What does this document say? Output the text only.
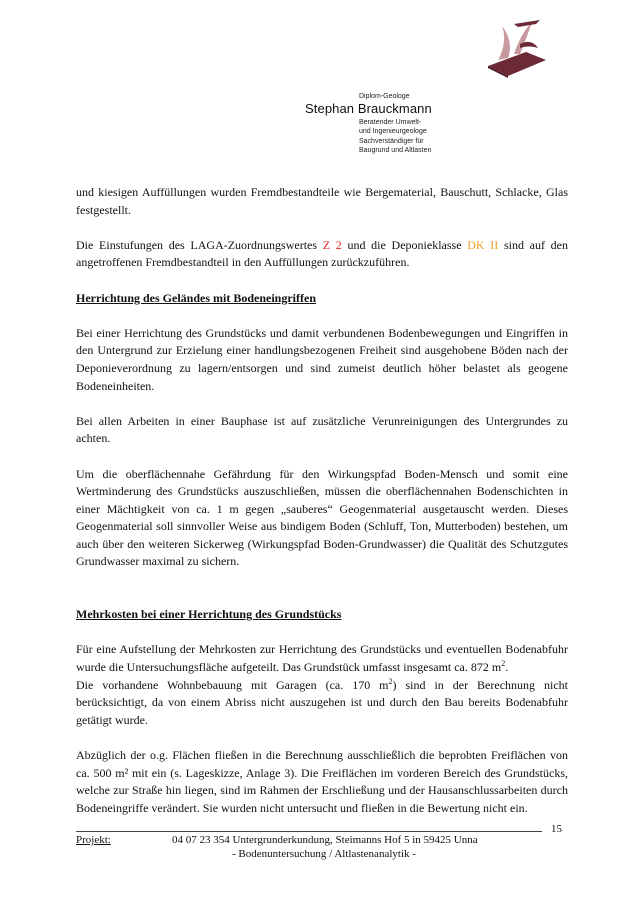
Diplom-Geologe
Stephan Brauckmann
Beratender Umwelt-
und Ingenieurgeologe
Sachverständiger für
Baugrund und Altlasten

und kiesigen Auffüllungen wurden Fremdbestandteile wie Bergematerial, Bauschutt, Schlacke, Glas festgestellt.

Die Einstufungen des LAGA-Zuordnungswertes Z 2 und die Deponieklasse DK II sind auf den angetroffenen Fremdbestandteil in den Auffüllungen zurückzuführen.

Herrichtung des Geländes mit Bodeneingriffen

Bei einer Herrichtung des Grundstücks und damit verbundenen Bodenbewegungen und Eingriffen in den Untergrund zur Erzielung einer handlungsbezogenen Freiheit sind ausgehobene Böden nach der Deponieverordnung zu lagern/entsorgen und sind zumeist deutlich höher belastet als geogene Bodeneinheiten.

Bei allen Arbeiten in einer Bauphase ist auf zusätzliche Verunreinigungen des Untergrundes zu achten.

Um die oberflächennahe Gefährdung für den Wirkungspfad Boden-Mensch und somit eine Wertminderung des Grundstücks auszuschließen, müssen die oberflächennahen Bodenschichten in einer Mächtigkeit von ca. 1 m gegen „sauberes“ Geogenmaterial ausgetauscht werden. Dieses Geogenmaterial soll sinnvoller Weise aus bindigem Boden (Schluff, Ton, Mutterboden) bestehen, um auch über den weiteren Sickerweg (Wirkungspfad Boden-Grundwasser) die Qualität des Schutzgutes Grundwasser maximal zu sichern.

Mehrkosten bei einer Herrichtung des Grundstücks

Für eine Aufstellung der Mehrkosten zur Herrichtung des Grundstücks und eventuellen Bodenabfuhr wurde die Untersuchungsfläche aufgeteilt. Das Grundstück umfasst insgesamt ca. 872 $m^2$.

Die vorhandene Wohnbebauung mit Garagen (ca. 170 $m^2$) sind in der Berechnung nicht berücksichtigt, da von einem Abriss nicht auszugehen ist und durch den Bau bereits Bodenabfuhr getätigt wurde.

Abzüglich der o.g. Flächen fließen in die Berechnung ausschließlich die beprobten Freiflächen von ca. 500 m² mit ein (s. Lageskizze, Anlage 3). Die Freiflächen im vorderen Bereich des Grundstücks, welche zur Straße hin liegen, sind im Rahmen der Erschließung und der Hausanschlussarbeiten durch Bodeneingriffe verändert. Sie wurden nicht untersucht und fließen in die Bewertung nicht ein.

15
Projekt:	04 07 23 354 Untergrunderkundung, Steimanns Hof 5 in 59425 Unna
- Bodenuntersuchung / Altlastenanalytik -
